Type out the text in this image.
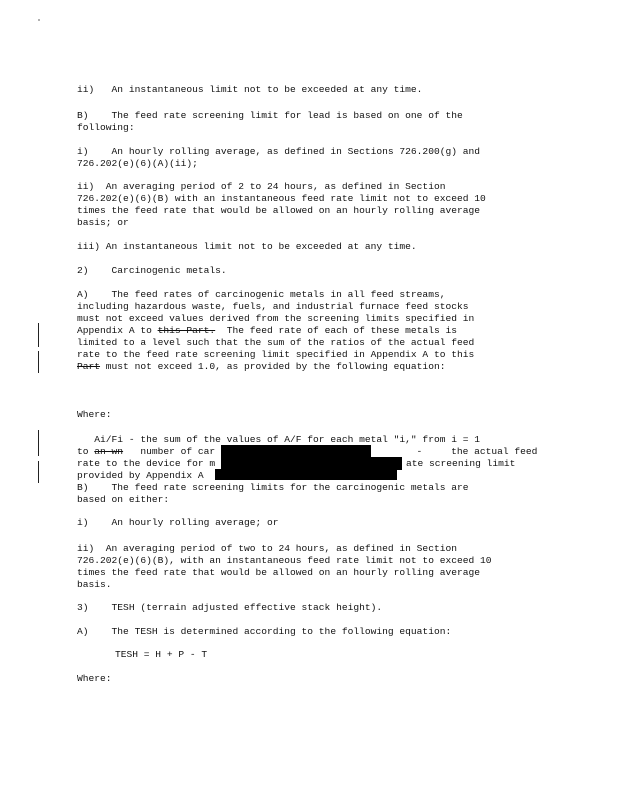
ii)   An instantaneous limit not to be exceeded at any time.
B)    The feed rate screening limit for lead is based on one of the
following:
i)    An hourly rolling average, as defined in Sections 726.200(g) and
726.202(e)(6)(A)(ii);
ii)  An averaging period of 2 to 24 hours, as defined in Section
726.202(e)(6)(B) with an instantaneous feed rate limit not to exceed 10
times the feed rate that would be allowed on an hourly rolling average
basis; or
iii) An instantaneous limit not to be exceeded at any time.
2)    Carcinogenic metals.
A)    The feed rates of carcinogenic metals in all feed streams,
including hazardous waste, fuels, and industrial furnace feed stocks
must not exceed values derived from the screening limits specified in
Appendix A to this Part.  The feed rate of each of these metals is
limited to a level such that the sum of the ratios of the actual feed
rate to the feed rate screening limit specified in Appendix A to this
Part must not exceed 1.0, as provided by the following equation:
Where:
Ai/Fi - the sum of the values of A/F for each metal "i," from i = 1
to an wn   number of car	-     the actual feed
rate to the device for m	ate screening limit
provided by Appendix A
B)    The feed rate screening limits for the carcinogenic metals are
based on either:
i)    An hourly rolling average; or
ii)  An averaging period of two to 24 hours, as defined in Section
726.202(e)(6)(B), with an instantaneous feed rate limit not to exceed 10
times the feed rate that would be allowed on an hourly rolling average
basis.
3)    TESH (terrain adjusted effective stack height).
A)    The TESH is determined according to the following equation:
TESH = H + P - T
Where:
